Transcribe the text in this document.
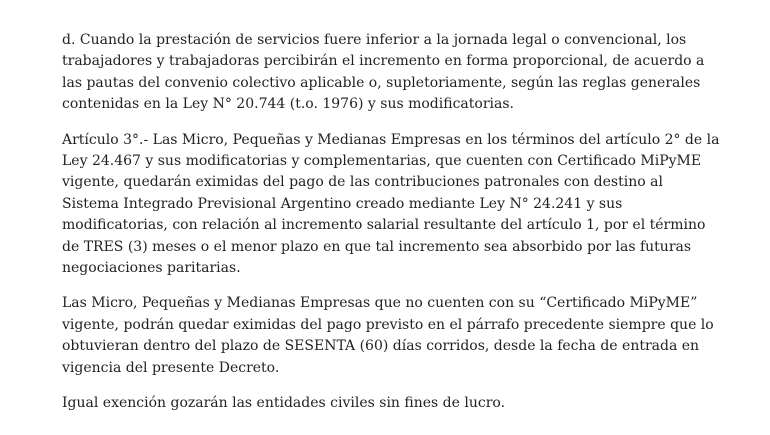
d. Cuando la prestación de servicios fuere inferior a la jornada legal o convencional, los trabajadores y trabajadoras percibirán el incremento en forma proporcional, de acuerdo a las pautas del convenio colectivo aplicable o, supletoriamente, según las reglas generales contenidas en la Ley N° 20.744 (t.o. 1976) y sus modificatorias.

Artículo 3°.- Las Micro, Pequeñas y Medianas Empresas en los términos del artículo 2° de la Ley 24.467 y sus modificatorias y complementarias, que cuenten con Certificado MiPyME vigente, quedarán eximidas del pago de las contribuciones patronales con destino al Sistema Integrado Previsional Argentino creado mediante Ley N° 24.241 y sus modificatorias, con relación al incremento salarial resultante del artículo 1, por el término de TRES (3) meses o el menor plazo en que tal incremento sea absorbido por las futuras negociaciones paritarias.

Las Micro, Pequeñas y Medianas Empresas que no cuenten con su “Certificado MiPyME” vigente, podrán quedar eximidas del pago previsto en el párrafo precedente siempre que lo obtuvieran dentro del plazo de SESENTA (60) días corridos, desde la fecha de entrada en vigencia del presente Decreto.

Igual exención gozarán las entidades civiles sin fines de lucro.
